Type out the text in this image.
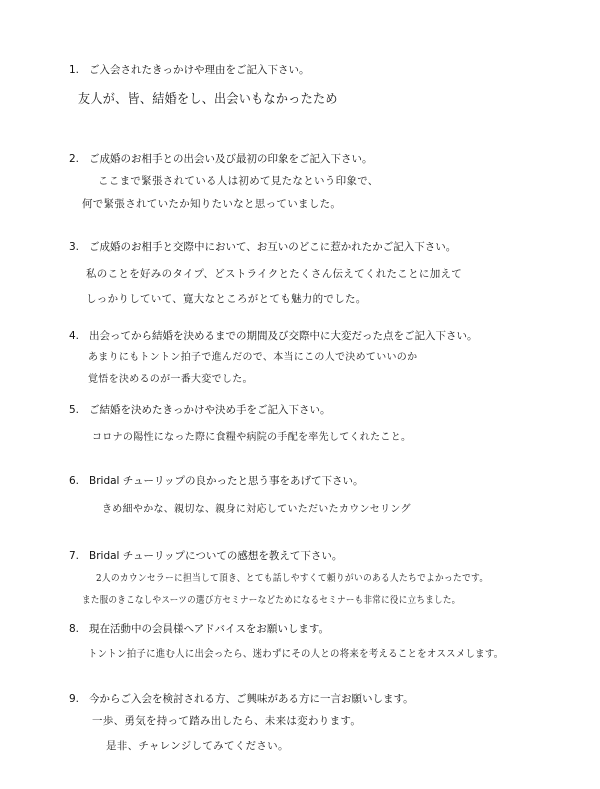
1. ご入会されたきっかけや理由をご記入下さい。
友人が、皆、結婚をし、出会いもなかったため
2. ご成婚のお相手との出会い及び最初の印象をご記入下さい。
ここまで緊張されている人は初めて見たなという印象で、
何で緊張されていたか知りたいなと思っていました。
3. ご成婚のお相手と交際中において、お互いのどこに惹かれたかご記入下さい。
私のことを好みのタイプ、どストライクとたくさん伝えてくれたことに加えて
しっかりしていて、寛大なところがとても魅力的でした。
4. 出会ってから結婚を決めるまでの期間及び交際中に大変だった点をご記入下さい。
あまりにもトントン拍子で進んだので、本当にこの人で決めていいのか
覚悟を決めるのが一番大変でした。
5. ご結婚を決めたきっかけや決め手をご記入下さい。
コロナの陽性になった際に食糧や病院の手配を率先してくれたこと。
6. Bridal チューリップの良かったと思う事をあげて下さい。
きめ細やかな、親切な、親身に対応していただいたカウンセリング
7. Bridal チューリップについての感想を教えて下さい。
2人のカウンセラーに担当して頂き、とても話しやすくて頼りがいのある人たちでよかったです。
また服のきこなしやスーツの選び方セミナーなどためになるセミナーも非常に役に立ちました。
8. 現在活動中の会員様へアドバイスをお願いします。
トントン拍子に進む人に出会ったら、迷わずにその人との将来を考えることをオススメします。
9. 今からご入会を検討される方、ご興味がある方に一言お願いします。
一歩、勇気を持って踏み出したら、未来は変わります。
是非、チャレンジしてみてください。
